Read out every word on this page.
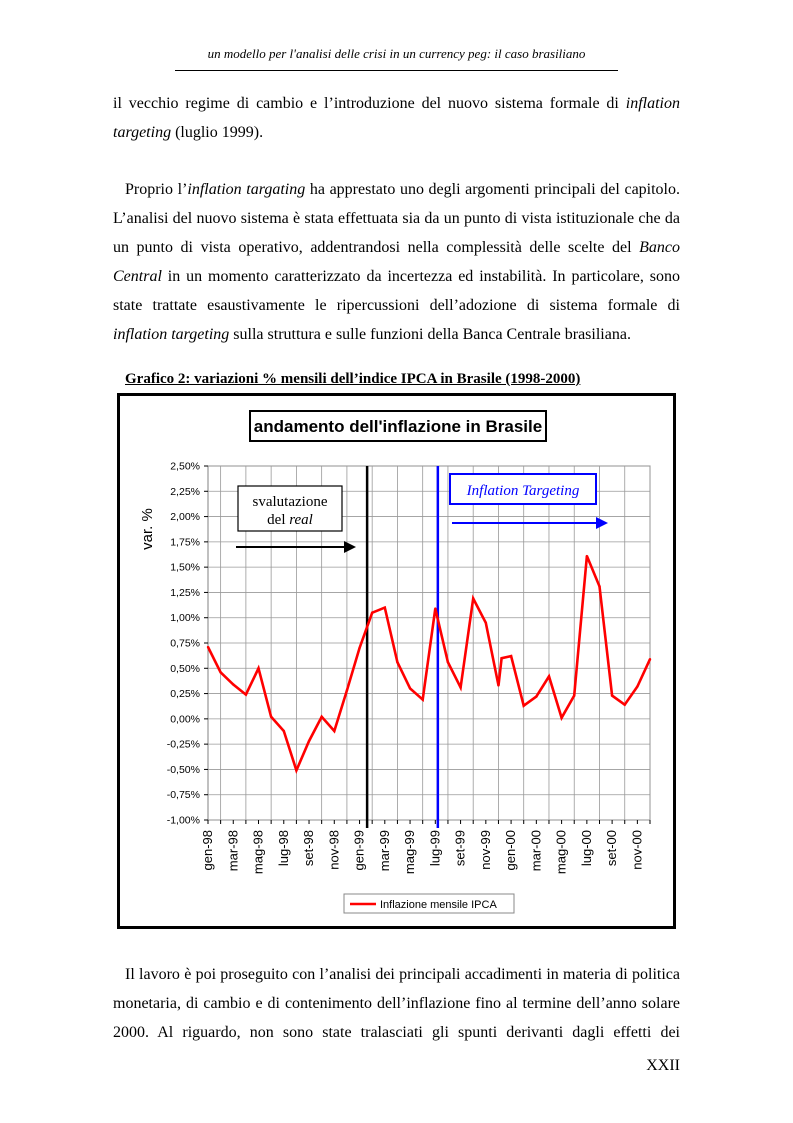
un modello per l'analisi delle crisi in un currency peg: il caso brasiliano

il vecchio regime di cambio e l’introduzione del nuovo sistema formale di inflation
targeting (luglio 1999).

Proprio l’inflation targating ha apprestato uno degli argomenti principali del capitolo.
L’analisi del nuovo sistema è stata effettuata sia da un punto di vista istituzionale che da
un punto di vista operativo, addentrandosi nella complessità delle scelte del Banco
Central in un momento caratterizzato da incertezza ed instabilità. In particolare, sono
state trattate esaustivamente le ripercussioni dell’adozione di sistema formale di
inflation targeting sulla struttura e sulle funzioni della Banca Centrale brasiliana.

Grafico 2: variazioni % mensili dell’indice IPCA in Brasile (1998-2000)
andamento dell'inflazione in Brasile
2,50%
2,25%
2,00%
1,75%
1,50%
1,25%
1,00%
0,75%
0,50%
0,25%
0,00%
-0,25%
-0,50%
-0,75%
-1,00%
gen-98 mar-98 mag-98 lug-98 set-98 nov-98 gen-99 mar-99 mag-99 lug-99 set-99 nov-99 gen-00 mar-00 mag-00 lug-00 set-00 nov-00
var. %
svalutazione
del real
Inflation Targeting
Inflazione mensile IPCA

Il lavoro è poi proseguito con l’analisi dei principali accadimenti in materia di politica
monetaria, di cambio e di contenimento dell’inflazione fino al termine dell’anno solare
2000. Al riguardo, non sono state tralasciati gli spunti derivanti dagli effetti dei

XXII
